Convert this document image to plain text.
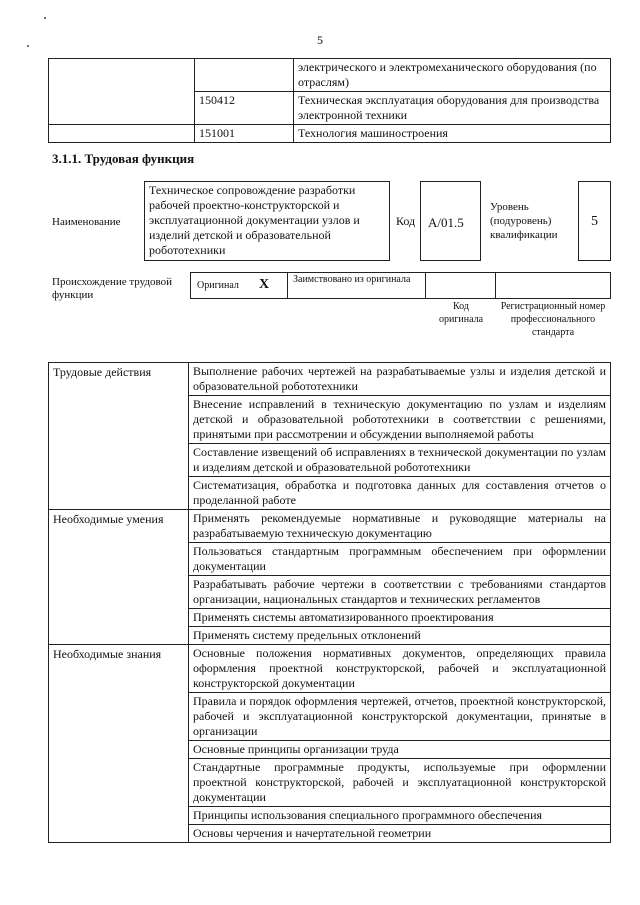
5
		электрического и электромеханического оборудования (по отраслям)
	150412	Техническая эксплуатация оборудования для производства электронной техники
	151001	Технология машиностроения
3.1.1. Трудовая функция
Наименование
Техническое сопровождение разработки рабочей проектно-конструкторской и эксплуатационной документации узлов и изделий детской и образовательной робототехники
Код А/01.5
Уровень (подуровень) квалификации
5
Происхождение трудовой функции
Оригинал X	Заимствовано из оригинала
Код оригинала
Регистрационный номер профессионального стандарта
Трудовые действия	Выполнение рабочих чертежей на разрабатываемые узлы и изделия детской и образовательной робототехники
	Внесение исправлений в техническую документацию по узлам и изделиям детской и образовательной робототехники в соответствии с решениями, принятыми при рассмотрении и обсуждении выполняемой работы
	Составление извещений об исправлениях в технической документации по узлам и изделиям детской и образовательной робототехники
	Систематизация, обработка и подготовка данных для составления отчетов о проделанной работе
Необходимые умения	Применять рекомендуемые нормативные и руководящие материалы на разрабатываемую техническую документацию
	Пользоваться стандартным программным обеспечением при оформлении документации
	Разрабатывать рабочие чертежи в соответствии с требованиями стандартов организации, национальных стандартов и технических регламентов
	Применять системы автоматизированного проектирования
	Применять систему предельных отклонений
Необходимые знания	Основные положения нормативных документов, определяющих правила оформления проектной конструкторской, рабочей и эксплуатационной конструкторской документации
	Правила и порядок оформления чертежей, отчетов, проектной конструкторской, рабочей и эксплуатационной конструкторской документации, принятые в организации
	Основные принципы организации труда
	Стандартные программные продукты, используемые при оформлении проектной конструкторской, рабочей и эксплуатационной конструкторской документации
	Принципы использования специального программного обеспечения
	Основы черчения и начертательной геометрии
